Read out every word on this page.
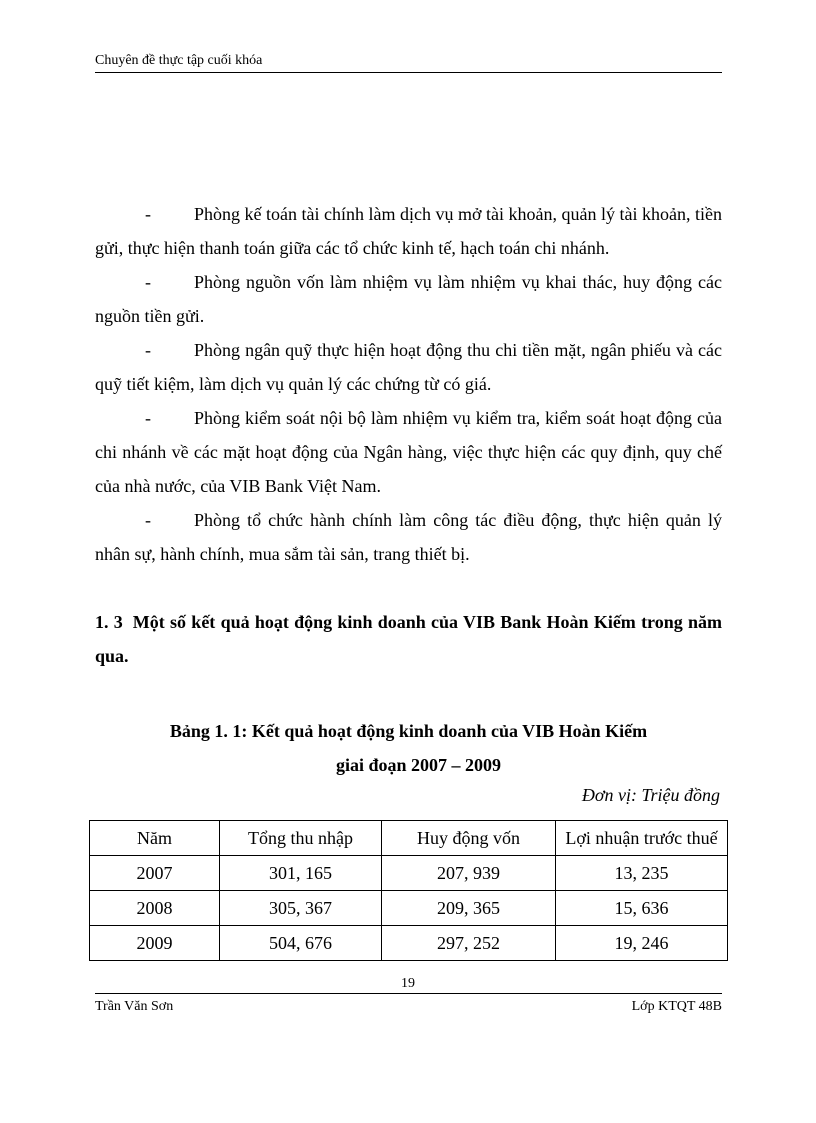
Chuyên đề thực tập cuối khóa

- Phòng kế toán tài chính làm dịch vụ mở tài khoản, quản lý tài khoản, tiền gửi, thực hiện thanh toán giữa các tổ chức kinh tế, hạch toán chi nhánh.

- Phòng nguồn vốn làm nhiệm vụ làm nhiệm vụ khai thác, huy động các nguồn tiền gửi.

- Phòng ngân quỹ thực hiện hoạt động thu chi tiền mặt, ngân phiếu và các quỹ tiết kiệm, làm dịch vụ quản lý các chứng từ có giá.

- Phòng kiểm soát nội bộ làm nhiệm vụ kiểm tra, kiểm soát hoạt động của chi nhánh về các mặt hoạt động của Ngân hàng, việc thực hiện các quy định, quy chế của nhà nước, của VIB Bank Việt Nam.

- Phòng tổ chức hành chính làm công tác điều động, thực hiện quản lý nhân sự, hành chính, mua sắm tài sản, trang thiết bị.

1. 3 Một số kết quả hoạt động kinh doanh của VIB Bank Hoàn Kiếm trong năm qua.
Bảng 1. 1: Kết quả hoạt động kinh doanh của VIB Hoàn Kiếm
giai đoạn 2007 – 2009
Đơn vị: Triệu đồng
Năm	Tổng thu nhập	Huy động vốn	Lợi nhuận trước thuế
2007	301, 165	207, 939	13, 235
2008	305, 367	209, 365	15, 636
2009	504, 676	297, 252	19, 246
19
Trần Văn Sơn	Lớp KTQT 48B
